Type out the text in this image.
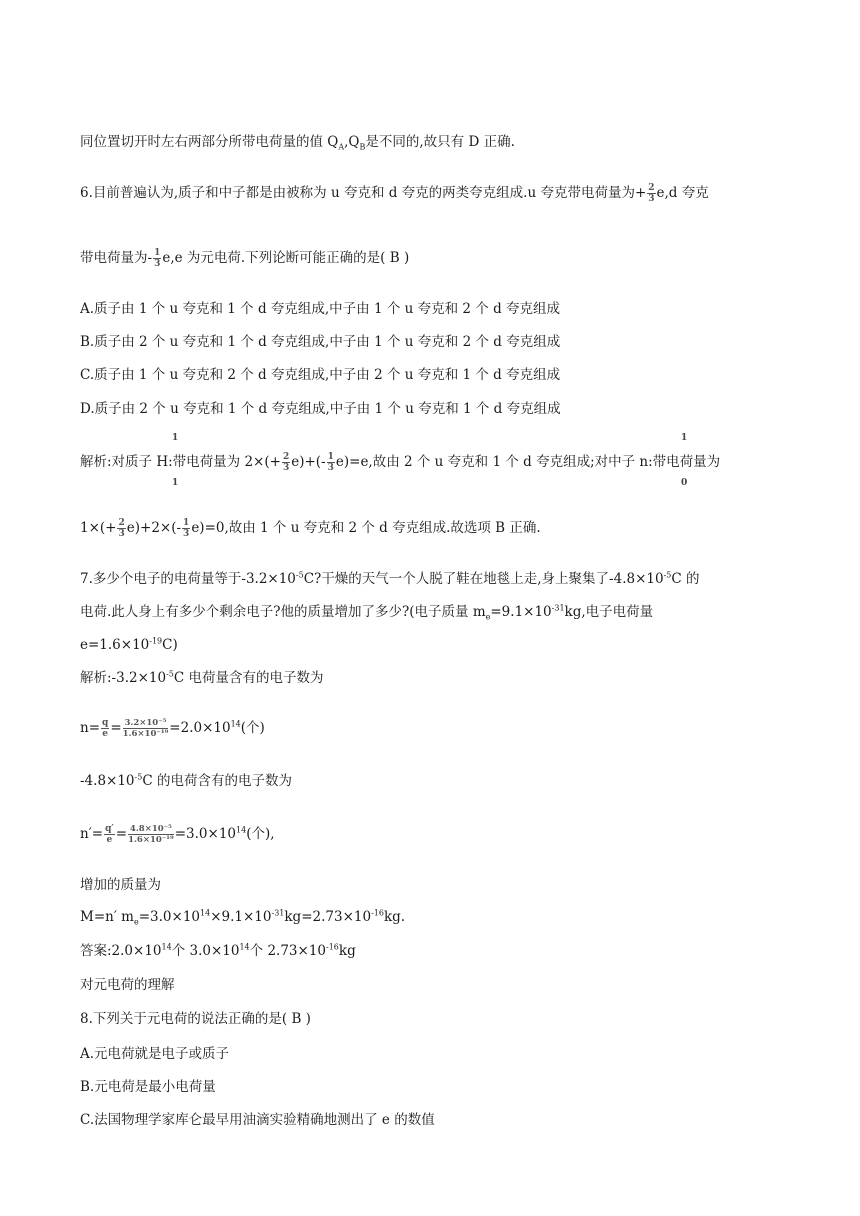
同位置切开时左右两部分所带电荷量的值 $Q_A,Q_B$是不同的,故只有 D 正确.
6.目前普遍认为,质子和中子都是由被称为 u 夸克和 d 夸克的两类夸克组成.u 夸克带电荷量为+ $\frac{2}{3} e,d$ 夸克
带电荷量为- $\frac{1}{3} e,e$ 为元电荷.下列论断可能正确的是( B )
A.质子由 1 个 u 夸克和 1 个 d 夸克组成,中子由 1 个 u 夸克和 2 个 d 夸克组成
B.质子由 2 个 u 夸克和 1 个 d 夸克组成,中子由 1 个 u 夸克和 2 个 d 夸克组成
C.质子由 1 个 u 夸克和 2 个 d 夸克组成,中子由 2 个 u 夸克和 1 个 d 夸克组成
D.质子由 2 个 u 夸克和 1 个 d 夸克组成,中子由 1 个 u 夸克和 1 个 d 夸克组成
1
1
1
0
解析:对质子 H:带电荷量为 $2\times(+ \frac{2}{3} e)+(- \frac{1}{3} e)=e$,故由 2 个 u 夸克和 1 个 d 夸克组成;对中子 n:带电荷量为
$1\times(+ \frac{2}{3} e)+2\times(- \frac{1}{3} e)=0$,故由 1 个 u 夸克和 2 个 d 夸克组成.故选项 B 正确.
7.多少个电子的电荷量等于$-3.2\times 10^{-5}C$?干燥的天气一个人脱了鞋在地毯上走,身上聚集了$-4.8\times 10^{-5}C$ 的
电荷.此人身上有多少个剩余电子?他的质量增加了多少?(电子质量 $m_e=9.1\times 10^{-31}kg$,电子电荷量
$e=1.6\times 10^{-19}C$)
解析$:-3.2\times 10^{-5}C$ 电荷量含有的电子数为
$n= \frac{q}{e} = \frac{\text{3.2×10⁻⁵}}{\text{1.6×10⁻¹⁹}} =2.0\times 10^{14}$(个)
$-4.8\times 10^{-5}C$ 的电荷含有的电子数为
$n'= \frac{q'}{e} = \frac{\text{4.8×10⁻⁵}}{\text{1.6×10⁻¹⁹}} =3.0\times 10^{14}$(个),
增加的质量为
M=n′ $m_e=3.0\times 10^{14}\times 9.1\times 10^{-31}kg=2.73\times 10^{-16}kg$.
答案$:2.0\times 10^{14}$个 $3.0\times 10^{14}$个 $2.73\times 10^{-16}kg$
对元电荷的理解
8.下列关于元电荷的说法正确的是( B )
A.元电荷就是电子或质子
B.元电荷是最小电荷量
C.法国物理学家库仑最早用油滴实验精确地测出了 e 的数值
